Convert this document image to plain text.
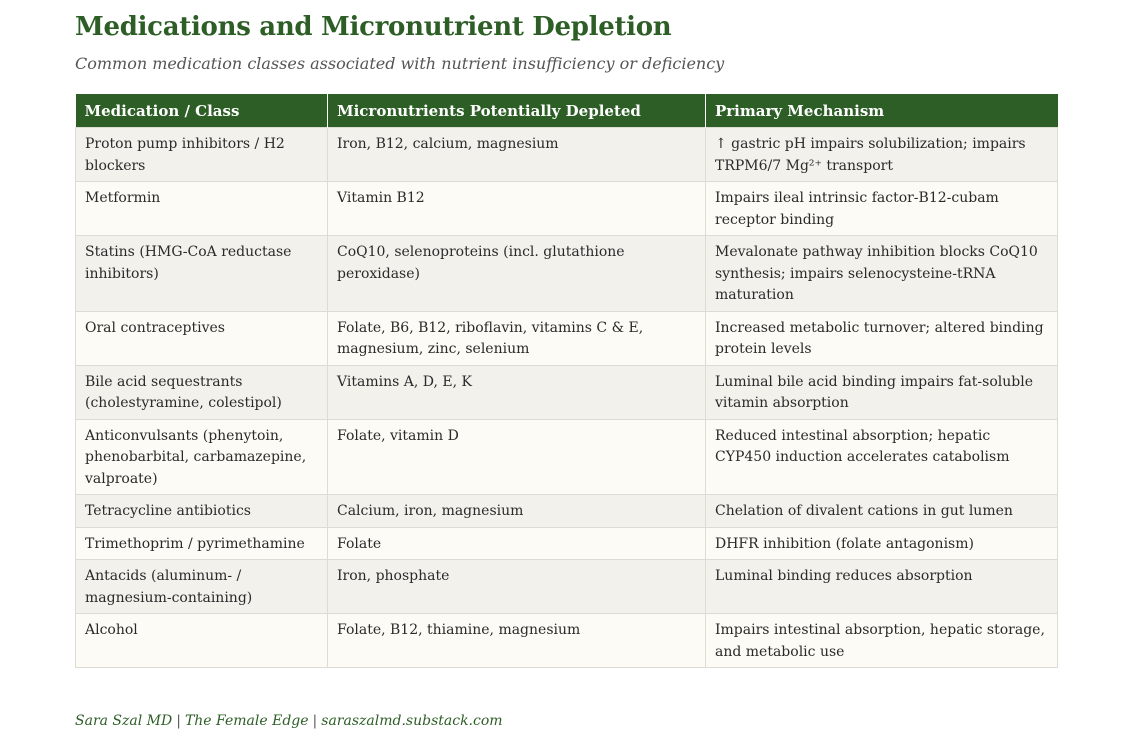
Medications and Micronutrient Depletion
Common medication classes associated with nutrient insufficiency or deficiency
Medication / Class	Micronutrients Potentially Depleted	Primary Mechanism
Proton pump inhibitors / H2 blockers	Iron, B12, calcium, magnesium	↑ gastric pH impairs solubilization; impairs TRPM6/7 Mg²⁺ transport
Metformin	Vitamin B12	Impairs ileal intrinsic factor-B12-cubam receptor binding
Statins (HMG-CoA reductase inhibitors)	CoQ10, selenoproteins (incl. glutathione peroxidase)	Mevalonate pathway inhibition blocks CoQ10 synthesis; impairs selenocysteine-tRNA maturation
Oral contraceptives	Folate, B6, B12, riboflavin, vitamins C & E, magnesium, zinc, selenium	Increased metabolic turnover; altered binding protein levels
Bile acid sequestrants (cholestyramine, colestipol)	Vitamins A, D, E, K	Luminal bile acid binding impairs fat-soluble vitamin absorption
Anticonvulsants (phenytoin, phenobarbital, carbamazepine, valproate)	Folate, vitamin D	Reduced intestinal absorption; hepatic CYP450 induction accelerates catabolism
Tetracycline antibiotics	Calcium, iron, magnesium	Chelation of divalent cations in gut lumen
Trimethoprim / pyrimethamine	Folate	DHFR inhibition (folate antagonism)
Antacids (aluminum- / magnesium-containing)	Iron, phosphate	Luminal binding reduces absorption
Alcohol	Folate, B12, thiamine, magnesium	Impairs intestinal absorption, hepatic storage, and metabolic use
Sara Szal MD | The Female Edge | saraszalmd.substack.com
